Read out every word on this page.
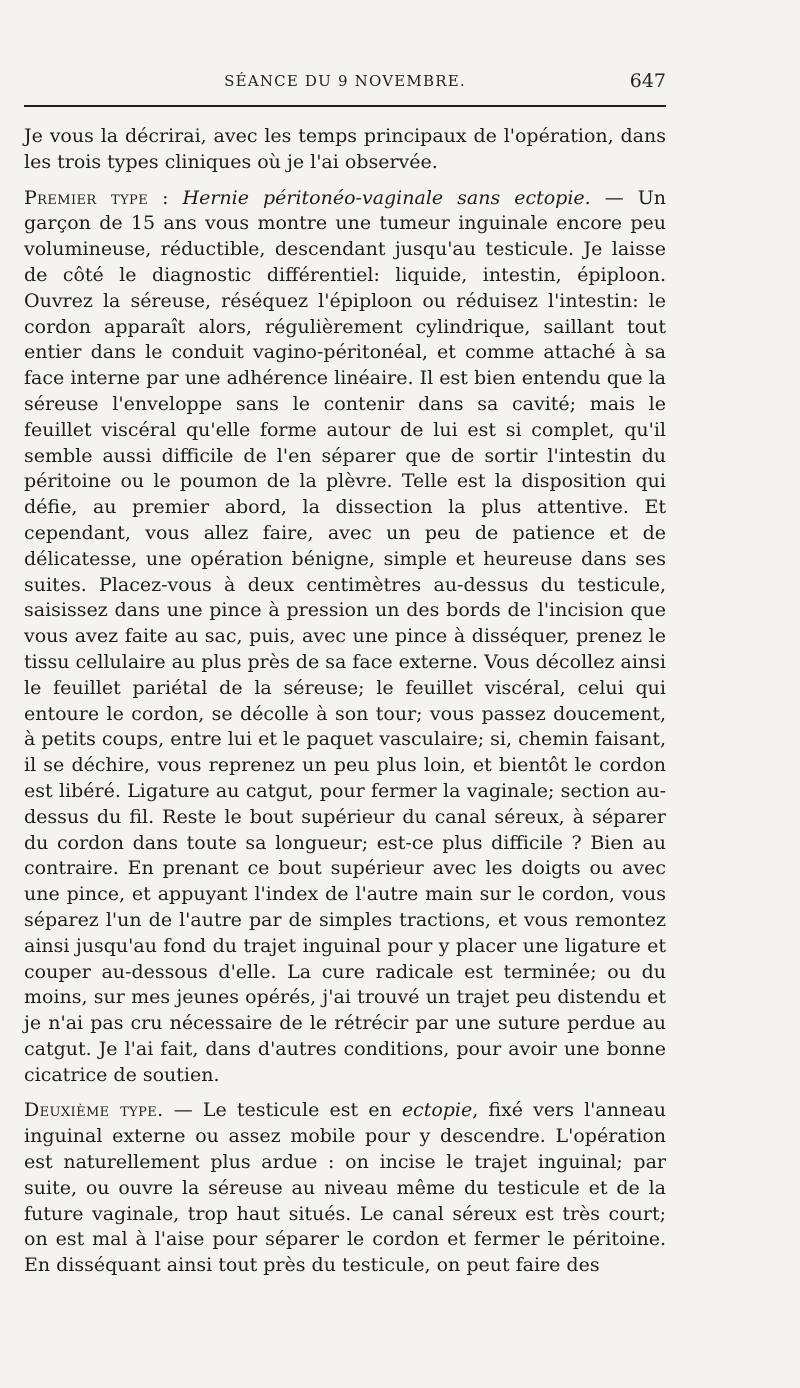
SÉANCE DU 9 NOVEMBRE.	647

Je vous la décrirai, avec les temps principaux de l'opération, dans les trois types cliniques où je l'ai observée.

Premier type : Hernie péritonéo-vaginale sans ectopie. — Un garçon de 15 ans vous montre une tumeur inguinale encore peu volumineuse, réductible, descendant jusqu'au testicule. Je laisse de côté le diagnostic différentiel: liquide, intestin, épiploon. Ouvrez la séreuse, réséquez l'épiploon ou réduisez l'intestin: le cordon apparaît alors, régulièrement cylindrique, saillant tout entier dans le conduit vagino-péritonéal, et comme attaché à sa face interne par une adhérence linéaire. Il est bien entendu que la séreuse l'enveloppe sans le contenir dans sa cavité; mais le feuillet viscéral qu'elle forme autour de lui est si complet, qu'il semble aussi difficile de l'en séparer que de sortir l'intestin du péritoine ou le poumon de la plèvre. Telle est la disposition qui défie, au premier abord, la dissection la plus attentive. Et cependant, vous allez faire, avec un peu de patience et de délicatesse, une opération bénigne, simple et heureuse dans ses suites. Placez-vous à deux centimètres au-dessus du testicule, saisissez dans une pince à pression un des bords de l'incision que vous avez faite au sac, puis, avec une pince à disséquer, prenez le tissu cellulaire au plus près de sa face externe. Vous décollez ainsi le feuillet pariétal de la séreuse; le feuillet viscéral, celui qui entoure le cordon, se décolle à son tour; vous passez doucement, à petits coups, entre lui et le paquet vasculaire; si, chemin faisant, il se déchire, vous reprenez un peu plus loin, et bientôt le cordon est libéré. Ligature au catgut, pour fermer la vaginale; section au-dessus du fil. Reste le bout supérieur du canal séreux, à séparer du cordon dans toute sa longueur; est-ce plus difficile ? Bien au contraire. En prenant ce bout supérieur avec les doigts ou avec une pince, et appuyant l'index de l'autre main sur le cordon, vous séparez l'un de l'autre par de simples tractions, et vous remontez ainsi jusqu'au fond du trajet inguinal pour y placer une ligature et couper au-dessous d'elle. La cure radicale est terminée; ou du moins, sur mes jeunes opérés, j'ai trouvé un trajet peu distendu et je n'ai pas cru nécessaire de le rétrécir par une suture perdue au catgut. Je l'ai fait, dans d'autres conditions, pour avoir une bonne cicatrice de soutien.

Deuxième type. — Le testicule est en ectopie, fixé vers l'anneau inguinal externe ou assez mobile pour y descendre. L'opération est naturellement plus ardue : on incise le trajet inguinal; par suite, ou ouvre la séreuse au niveau même du testicule et de la future vaginale, trop haut situés. Le canal séreux est très court; on est mal à l'aise pour séparer le cordon et fermer le péritoine. En disséquant ainsi tout près du testicule, on peut faire des
